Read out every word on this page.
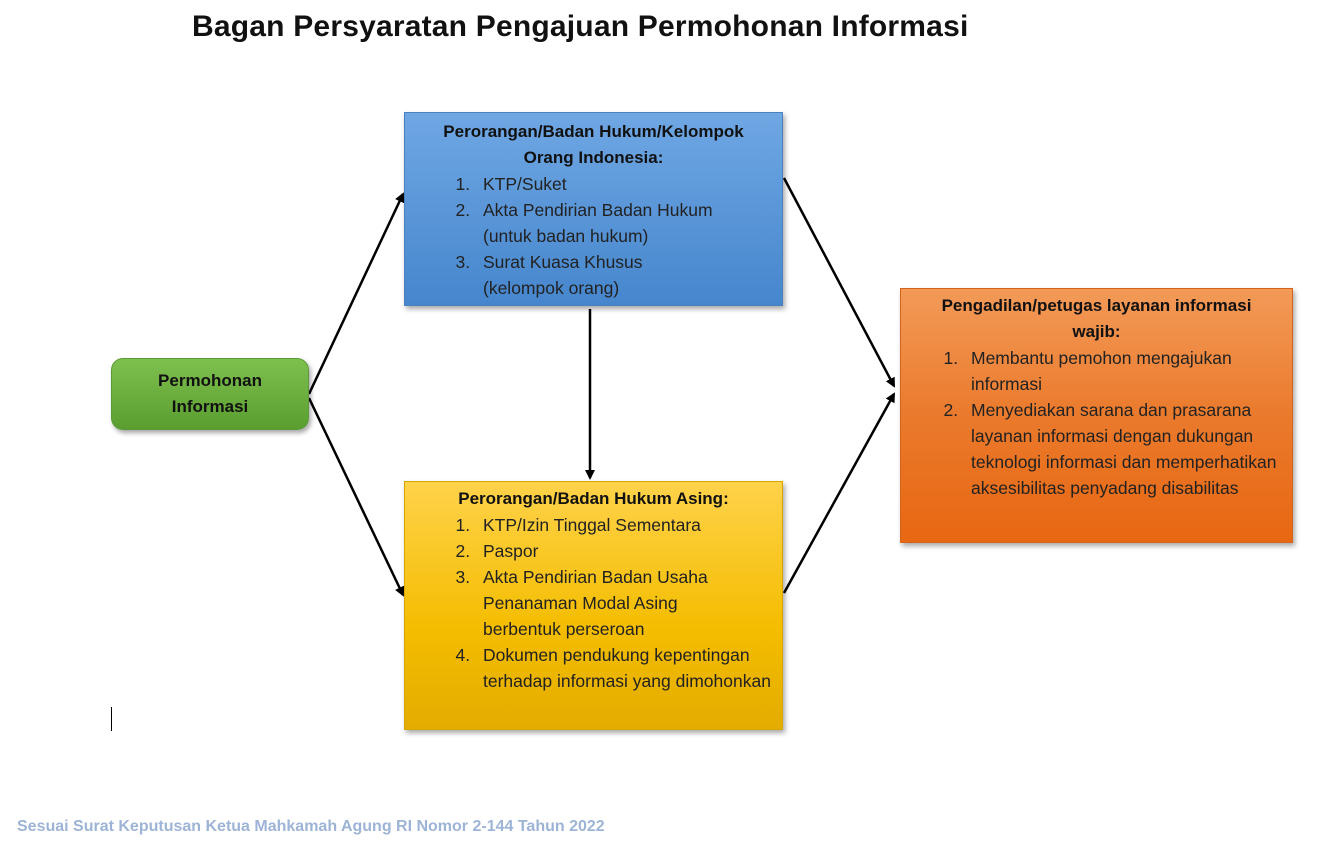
Bagan Persyaratan Pengajuan Permohonan Informasi
Permohonan
Informasi
Perorangan/Badan Hukum/Kelompok
Orang Indonesia:
1. KTP/Suket
2. Akta Pendirian Badan Hukum (untuk badan hukum)
3. Surat Kuasa Khusus (kelompok orang)
Perorangan/Badan Hukum Asing:
1. KTP/Izin Tinggal Sementara
2. Paspor
3. Akta Pendirian Badan Usaha Penanaman Modal Asing berbentuk perseroan
4. Dokumen pendukung kepentingan terhadap informasi yang dimohonkan
Pengadilan/petugas layanan informasi
wajib:
1. Membantu pemohon mengajukan informasi
2. Menyediakan sarana dan prasarana layanan informasi dengan dukungan teknologi informasi dan memperhatikan aksesibilitas penyadang disabilitas
Sesuai Surat Keputusan Ketua Mahkamah Agung RI Nomor 2-144 Tahun 2022
